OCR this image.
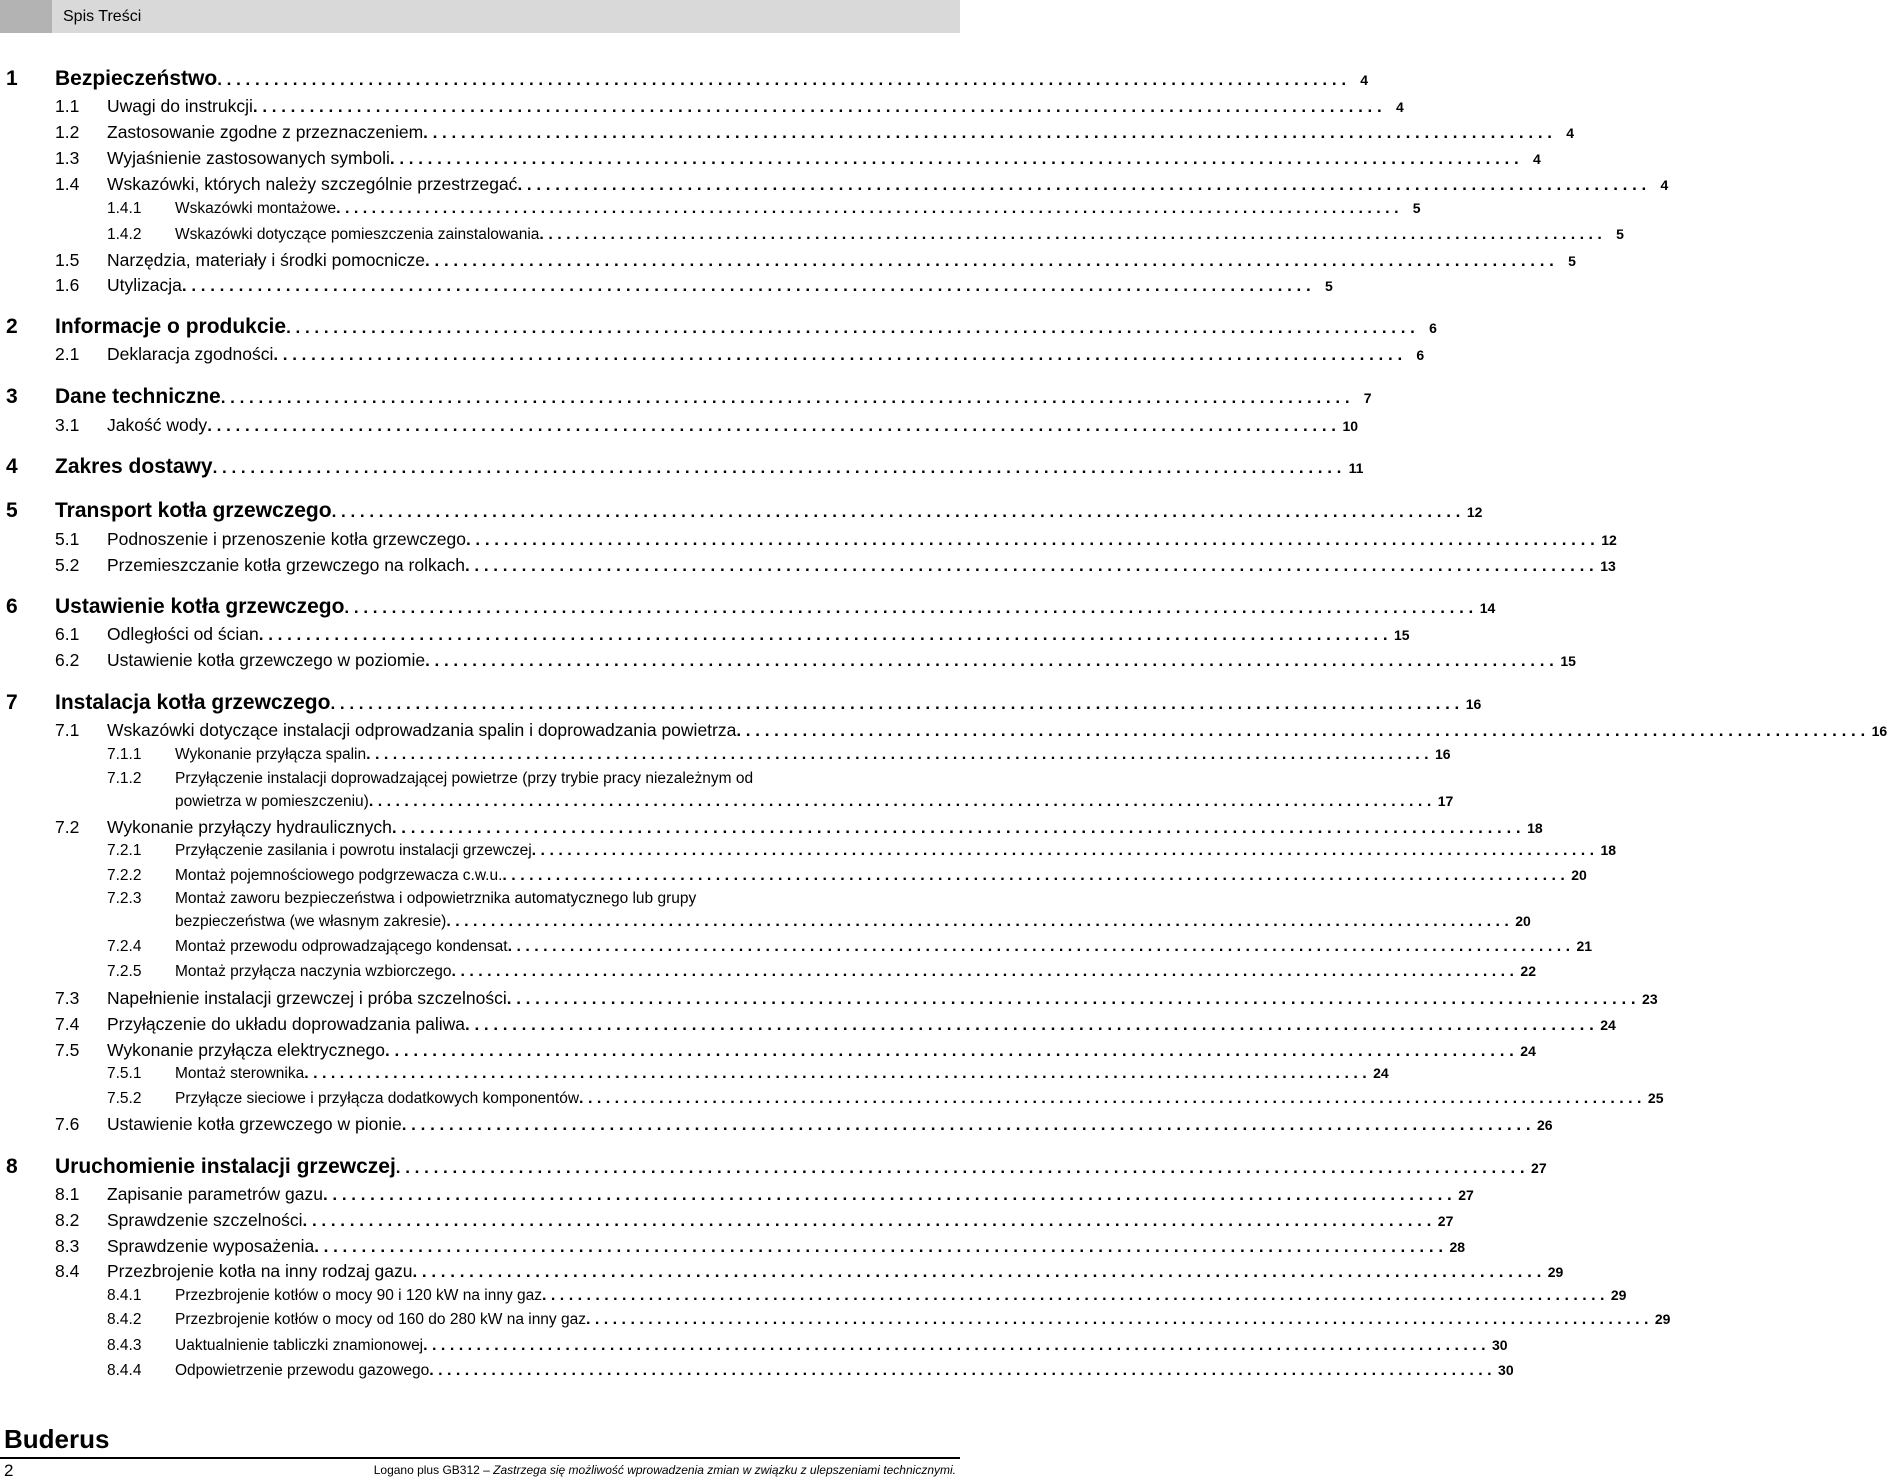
Spis Treści
1	Bezpieczeństwo . . . . . . . . . . . . . . . . . . . . . . . . . . . . . . . . . . . . . . . . . . . . . . . . . . . . . . . . . . . . . . . . . . . . . . . . . . . . . . . . . . . . . . . . . . . . . . . . . . . . . . . . . . . . . . . . . . . . . . . .	4
1.1	Uwagi do instrukcji . . . . . . . . . . . . . . . . . . . . . . . . . . . . . . . . . . . . . . . . . . . . . . . . . . . . . . . . . . . . . . . . . . . . . . . . . . . . . . . . . . . . . . . . . . . . . . . . . . . . . . . . . . . . . . . . . . . . . . . .	4
1.2	Zastosowanie zgodne z przeznaczeniem . . . . . . . . . . . . . . . . . . . . . . . . . . . . . . . . . . . . . . . . . . . . . . . . . . . . . . . . . . . . . . . . . . . . . . . . . . . . . . . . . . . . . . . . . . . . . . . . . . . . . . . . . . . . . . . . . . . . . . . .	4
1.3	Wyjaśnienie zastosowanych symboli . . . . . . . . . . . . . . . . . . . . . . . . . . . . . . . . . . . . . . . . . . . . . . . . . . . . . . . . . . . . . . . . . . . . . . . . . . . . . . . . . . . . . . . . . . . . . . . . . . . . . . . . . . . . . . . . . . . . . . . .	4
1.4	Wskazówki, których należy szczególnie przestrzegać . . . . . . . . . . . . . . . . . . . . . . . . . . . . . . . . . . . . . . . . . . . . . . . . . . . . . . . . . . . . . . . . . . . . . . . . . . . . . . . . . . . . . . . . . . . . . . . . . . . . . . . . . . . . . . . . . . . . . . . .	4
1.4.1	Wskazówki montażowe . . . . . . . . . . . . . . . . . . . . . . . . . . . . . . . . . . . . . . . . . . . . . . . . . . . . . . . . . . . . . . . . . . . . . . . . . . . . . . . . . . . . . . . . . . . . . . . . . . . . . . . . . . . . . . . . . . . . . . . .	5
1.4.2	Wskazówki dotyczące pomieszczenia zainstalowania . . . . . . . . . . . . . . . . . . . . . . . . . . . . . . . . . . . . . . . . . . . . . . . . . . . . . . . . . . . . . . . . . . . . . . . . . . . . . . . . . . . . . . . . . . . . . . . . . . . . . . . . . . . . . . . . . . . . . . . .	5
1.5	Narzędzia, materiały i środki pomocnicze . . . . . . . . . . . . . . . . . . . . . . . . . . . . . . . . . . . . . . . . . . . . . . . . . . . . . . . . . . . . . . . . . . . . . . . . . . . . . . . . . . . . . . . . . . . . . . . . . . . . . . . . . . . . . . . . . . . . . . . .	5
1.6	Utylizacja . . . . . . . . . . . . . . . . . . . . . . . . . . . . . . . . . . . . . . . . . . . . . . . . . . . . . . . . . . . . . . . . . . . . . . . . . . . . . . . . . . . . . . . . . . . . . . . . . . . . . . . . . . . . . . . . . . . . . . . .	5
2	Informacje o produkcie . . . . . . . . . . . . . . . . . . . . . . . . . . . . . . . . . . . . . . . . . . . . . . . . . . . . . . . . . . . . . . . . . . . . . . . . . . . . . . . . . . . . . . . . . . . . . . . . . . . . . . . . . . . . . . . . . . . . . . . .	6
2.1	Deklaracja zgodności . . . . . . . . . . . . . . . . . . . . . . . . . . . . . . . . . . . . . . . . . . . . . . . . . . . . . . . . . . . . . . . . . . . . . . . . . . . . . . . . . . . . . . . . . . . . . . . . . . . . . . . . . . . . . . . . . . . . . . . .	6
3	Dane techniczne . . . . . . . . . . . . . . . . . . . . . . . . . . . . . . . . . . . . . . . . . . . . . . . . . . . . . . . . . . . . . . . . . . . . . . . . . . . . . . . . . . . . . . . . . . . . . . . . . . . . . . . . . . . . . . . . . . . . . . . .	7
3.1	Jakość wody . . . . . . . . . . . . . . . . . . . . . . . . . . . . . . . . . . . . . . . . . . . . . . . . . . . . . . . . . . . . . . . . . . . . . . . . . . . . . . . . . . . . . . . . . . . . . . . . . . . . . . . . . . . . . . . . . . . . . . . . 10
4	Zakres dostawy . . . . . . . . . . . . . . . . . . . . . . . . . . . . . . . . . . . . . . . . . . . . . . . . . . . . . . . . . . . . . . . . . . . . . . . . . . . . . . . . . . . . . . . . . . . . . . . . . . . . . . . . . . . . . . . . . . . . . . . . 11
5	Transport kotła grzewczego . . . . . . . . . . . . . . . . . . . . . . . . . . . . . . . . . . . . . . . . . . . . . . . . . . . . . . . . . . . . . . . . . . . . . . . . . . . . . . . . . . . . . . . . . . . . . . . . . . . . . . . . . . . . . . . . . . . . . . . . 12
5.1	Podnoszenie i przenoszenie kotła grzewczego . . . . . . . . . . . . . . . . . . . . . . . . . . . . . . . . . . . . . . . . . . . . . . . . . . . . . . . . . . . . . . . . . . . . . . . . . . . . . . . . . . . . . . . . . . . . . . . . . . . . . . . . . . . . . . . . . . . . . . . . 12
5.2	Przemieszczanie kotła grzewczego na rolkach . . . . . . . . . . . . . . . . . . . . . . . . . . . . . . . . . . . . . . . . . . . . . . . . . . . . . . . . . . . . . . . . . . . . . . . . . . . . . . . . . . . . . . . . . . . . . . . . . . . . . . . . . . . . . . . . . . . . . . . . 13
6	Ustawienie kotła grzewczego . . . . . . . . . . . . . . . . . . . . . . . . . . . . . . . . . . . . . . . . . . . . . . . . . . . . . . . . . . . . . . . . . . . . . . . . . . . . . . . . . . . . . . . . . . . . . . . . . . . . . . . . . . . . . . . . . . . . . . . . 14
6.1	Odległości od ścian . . . . . . . . . . . . . . . . . . . . . . . . . . . . . . . . . . . . . . . . . . . . . . . . . . . . . . . . . . . . . . . . . . . . . . . . . . . . . . . . . . . . . . . . . . . . . . . . . . . . . . . . . . . . . . . . . . . . . . . . 15
6.2	Ustawienie kotła grzewczego w poziomie . . . . . . . . . . . . . . . . . . . . . . . . . . . . . . . . . . . . . . . . . . . . . . . . . . . . . . . . . . . . . . . . . . . . . . . . . . . . . . . . . . . . . . . . . . . . . . . . . . . . . . . . . . . . . . . . . . . . . . . . 15
7	Instalacja kotła grzewczego . . . . . . . . . . . . . . . . . . . . . . . . . . . . . . . . . . . . . . . . . . . . . . . . . . . . . . . . . . . . . . . . . . . . . . . . . . . . . . . . . . . . . . . . . . . . . . . . . . . . . . . . . . . . . . . . . . . . . . . . 16
7.1	Wskazówki dotyczące instalacji odprowadzania spalin i doprowadzania powietrza . . . . . . . . . . . . . . . . . . . . . . . . . . . . . . . . . . . . . . . . . . . . . . . . . . . . . . . . . . . . . . . . . . . . . . . . . . . . . . . . . . . . . . . . . . . . . . . . . . . . . . . . . . . . . . . . . . . . . . . . 16
7.1.1	Wykonanie przyłącza spalin . . . . . . . . . . . . . . . . . . . . . . . . . . . . . . . . . . . . . . . . . . . . . . . . . . . . . . . . . . . . . . . . . . . . . . . . . . . . . . . . . . . . . . . . . . . . . . . . . . . . . . . . . . . . . . . . . . . . . . . . 16
7.1.2 Przyłączenie instalacji doprowadzającej powietrze (przy trybie pracy niezależnym od
powietrza w pomieszczeniu) . . . . . . . . . . . . . . . . . . . . . . . . . . . . . . . . . . . . . . . . . . . . . . . . . . . . . . . . . . . . . . . . . . . . . . . . . . . . . . . . . . . . . . . . . . . . . . . . . . . . . . . . . . . . . . . . . . . . . . . . 17
7.2	Wykonanie przyłączy hydraulicznych . . . . . . . . . . . . . . . . . . . . . . . . . . . . . . . . . . . . . . . . . . . . . . . . . . . . . . . . . . . . . . . . . . . . . . . . . . . . . . . . . . . . . . . . . . . . . . . . . . . . . . . . . . . . . . . . . . . . . . . . 18
7.2.1	Przyłączenie zasilania i powrotu instalacji grzewczej . . . . . . . . . . . . . . . . . . . . . . . . . . . . . . . . . . . . . . . . . . . . . . . . . . . . . . . . . . . . . . . . . . . . . . . . . . . . . . . . . . . . . . . . . . . . . . . . . . . . . . . . . . . . . . . . . . . . . . . . 18
7.2.2	Montaż pojemnościowego podgrzewacza c.w.u. . . . . . . . . . . . . . . . . . . . . . . . . . . . . . . . . . . . . . . . . . . . . . . . . . . . . . . . . . . . . . . . . . . . . . . . . . . . . . . . . . . . . . . . . . . . . . . . . . . . . . . . . . . . . . . . . . . . . . . . . 20
7.2.3 Montaż zaworu bezpieczeństwa i odpowietrznika automatycznego lub grupy
bezpieczeństwa (we własnym zakresie) . . . . . . . . . . . . . . . . . . . . . . . . . . . . . . . . . . . . . . . . . . . . . . . . . . . . . . . . . . . . . . . . . . . . . . . . . . . . . . . . . . . . . . . . . . . . . . . . . . . . . . . . . . . . . . . . . . . . . . . . 20
7.2.4	Montaż przewodu odprowadzającego kondensat . . . . . . . . . . . . . . . . . . . . . . . . . . . . . . . . . . . . . . . . . . . . . . . . . . . . . . . . . . . . . . . . . . . . . . . . . . . . . . . . . . . . . . . . . . . . . . . . . . . . . . . . . . . . . . . . . . . . . . . . 21
7.2.5	Montaż przyłącza naczynia wzbiorczego . . . . . . . . . . . . . . . . . . . . . . . . . . . . . . . . . . . . . . . . . . . . . . . . . . . . . . . . . . . . . . . . . . . . . . . . . . . . . . . . . . . . . . . . . . . . . . . . . . . . . . . . . . . . . . . . . . . . . . . . 22
7.3	Napełnienie instalacji grzewczej i próba szczelności . . . . . . . . . . . . . . . . . . . . . . . . . . . . . . . . . . . . . . . . . . . . . . . . . . . . . . . . . . . . . . . . . . . . . . . . . . . . . . . . . . . . . . . . . . . . . . . . . . . . . . . . . . . . . . . . . . . . . . . . 23
7.4	Przyłączenie do układu doprowadzania paliwa . . . . . . . . . . . . . . . . . . . . . . . . . . . . . . . . . . . . . . . . . . . . . . . . . . . . . . . . . . . . . . . . . . . . . . . . . . . . . . . . . . . . . . . . . . . . . . . . . . . . . . . . . . . . . . . . . . . . . . . . 24
7.5	Wykonanie przyłącza elektrycznego . . . . . . . . . . . . . . . . . . . . . . . . . . . . . . . . . . . . . . . . . . . . . . . . . . . . . . . . . . . . . . . . . . . . . . . . . . . . . . . . . . . . . . . . . . . . . . . . . . . . . . . . . . . . . . . . . . . . . . . . 24
7.5.1	Montaż sterownika . . . . . . . . . . . . . . . . . . . . . . . . . . . . . . . . . . . . . . . . . . . . . . . . . . . . . . . . . . . . . . . . . . . . . . . . . . . . . . . . . . . . . . . . . . . . . . . . . . . . . . . . . . . . . . . . . . . . . . . . 24
7.5.2	Przyłącze sieciowe i przyłącza dodatkowych komponentów . . . . . . . . . . . . . . . . . . . . . . . . . . . . . . . . . . . . . . . . . . . . . . . . . . . . . . . . . . . . . . . . . . . . . . . . . . . . . . . . . . . . . . . . . . . . . . . . . . . . . . . . . . . . . . . . . . . . . . . . 25
7.6	Ustawienie kotła grzewczego w pionie . . . . . . . . . . . . . . . . . . . . . . . . . . . . . . . . . . . . . . . . . . . . . . . . . . . . . . . . . . . . . . . . . . . . . . . . . . . . . . . . . . . . . . . . . . . . . . . . . . . . . . . . . . . . . . . . . . . . . . . . 26
8	Uruchomienie instalacji grzewczej . . . . . . . . . . . . . . . . . . . . . . . . . . . . . . . . . . . . . . . . . . . . . . . . . . . . . . . . . . . . . . . . . . . . . . . . . . . . . . . . . . . . . . . . . . . . . . . . . . . . . . . . . . . . . . . . . . . . . . . . 27
8.1	Zapisanie parametrów gazu . . . . . . . . . . . . . . . . . . . . . . . . . . . . . . . . . . . . . . . . . . . . . . . . . . . . . . . . . . . . . . . . . . . . . . . . . . . . . . . . . . . . . . . . . . . . . . . . . . . . . . . . . . . . . . . . . . . . . . . . 27
8.2	Sprawdzenie szczelności . . . . . . . . . . . . . . . . . . . . . . . . . . . . . . . . . . . . . . . . . . . . . . . . . . . . . . . . . . . . . . . . . . . . . . . . . . . . . . . . . . . . . . . . . . . . . . . . . . . . . . . . . . . . . . . . . . . . . . . . 27
8.3	Sprawdzenie wyposażenia . . . . . . . . . . . . . . . . . . . . . . . . . . . . . . . . . . . . . . . . . . . . . . . . . . . . . . . . . . . . . . . . . . . . . . . . . . . . . . . . . . . . . . . . . . . . . . . . . . . . . . . . . . . . . . . . . . . . . . . . 28
8.4	Przezbrojenie kotła na inny rodzaj gazu . . . . . . . . . . . . . . . . . . . . . . . . . . . . . . . . . . . . . . . . . . . . . . . . . . . . . . . . . . . . . . . . . . . . . . . . . . . . . . . . . . . . . . . . . . . . . . . . . . . . . . . . . . . . . . . . . . . . . . . . 29
8.4.1	Przezbrojenie kotłów o mocy 90 i 120 kW na inny gaz . . . . . . . . . . . . . . . . . . . . . . . . . . . . . . . . . . . . . . . . . . . . . . . . . . . . . . . . . . . . . . . . . . . . . . . . . . . . . . . . . . . . . . . . . . . . . . . . . . . . . . . . . . . . . . . . . . . . . . . . 29
8.4.2	Przezbrojenie kotłów o mocy od 160 do 280 kW na inny gaz . . . . . . . . . . . . . . . . . . . . . . . . . . . . . . . . . . . . . . . . . . . . . . . . . . . . . . . . . . . . . . . . . . . . . . . . . . . . . . . . . . . . . . . . . . . . . . . . . . . . . . . . . . . . . . . . . . . . . . . . 29
8.4.3	Uaktualnienie tabliczki znamionowej . . . . . . . . . . . . . . . . . . . . . . . . . . . . . . . . . . . . . . . . . . . . . . . . . . . . . . . . . . . . . . . . . . . . . . . . . . . . . . . . . . . . . . . . . . . . . . . . . . . . . . . . . . . . . . . . . . . . . . . . 30
8.4.4	Odpowietrzenie przewodu gazowego . . . . . . . . . . . . . . . . . . . . . . . . . . . . . . . . . . . . . . . . . . . . . . . . . . . . . . . . . . . . . . . . . . . . . . . . . . . . . . . . . . . . . . . . . . . . . . . . . . . . . . . . . . . . . . . . . . . . . . . . 30
Buderus
2	Logano plus GB312 – Zastrzega się możliwość wprowadzenia zmian w związku z ulepszeniami technicznymi.
